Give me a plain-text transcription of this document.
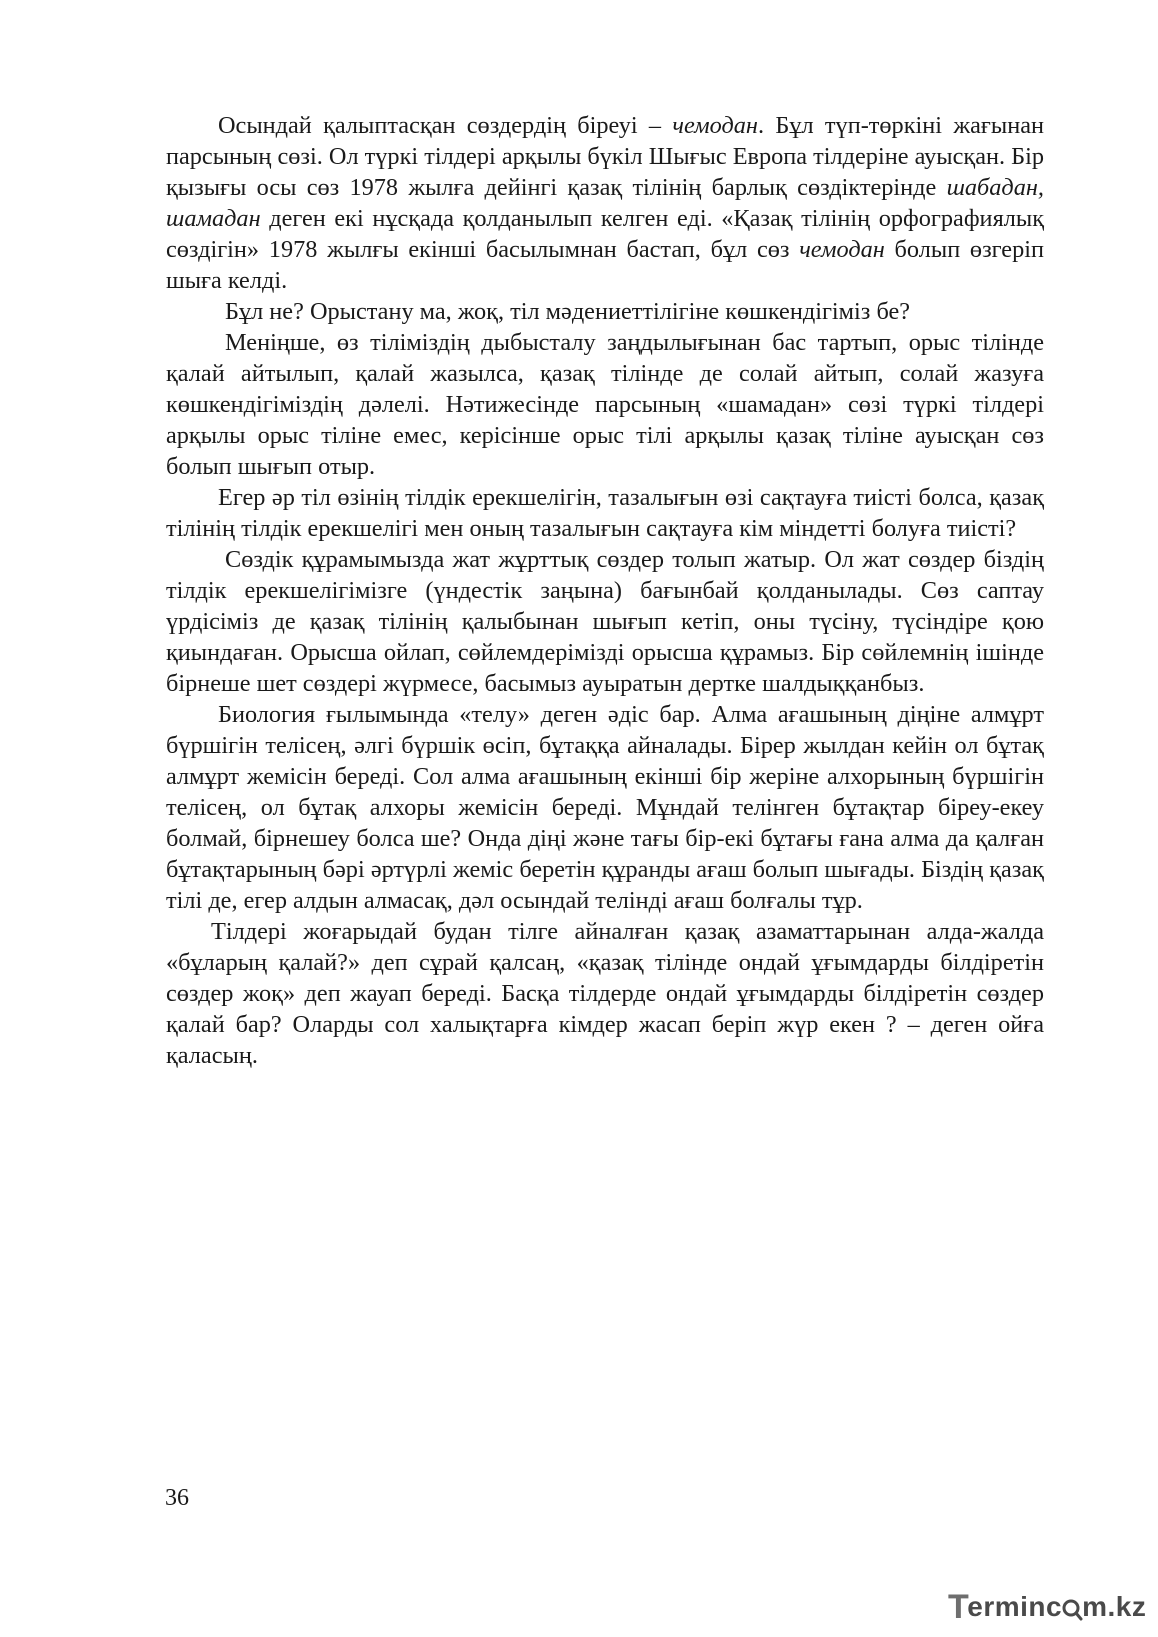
Осындай қалыптасқан сөздердің біреуі – чемодан. Бұл түп-төркіні жағынан парсының сөзі. Ол түркі тілдері арқылы бүкіл Шығыс Европа тілдеріне ауысқан. Бір қызығы осы сөз 1978 жылға дейінгі қазақ тілінің барлық сөздіктерінде шабадан, шамадан деген екі нұсқада қолданылып келген еді. «Қазақ тілінің орфографиялық сөздігін» 1978 жылғы екінші басылымнан бастап, бұл сөз чемодан болып өзгеріп шыға келді.

Бұл не? Орыстану ма, жоқ, тіл мәдениеттілігіне көшкендігіміз бе?

Меніңше, өз тіліміздің дыбысталу заңдылығынан бас тартып, орыс тілінде қалай айтылып, қалай жазылса, қазақ тілінде де солай айтып, солай жазуға көшкендігіміздің дәлелі. Нәтижесінде парсының «шамадан» сөзі түркі тілдері арқылы орыс тіліне емес, керісінше орыс тілі арқылы қазақ тіліне ауысқан сөз болып шығып отыр.

Егер әр тіл өзінің тілдік ерекшелігін, тазалығын өзі сақтауға тиісті болса, қазақ тілінің тілдік ерекшелігі мен оның тазалығын сақтауға кім міндетті болуға тиісті?

Сөздік құрамымызда жат жұрттық сөздер толып жатыр. Ол жат сөздер біздің тілдік ерекшелігімізге (үндестік заңына) бағынбай қолданылады. Сөз саптау үрдісіміз де қазақ тілінің қалыбынан шығып кетіп, оны түсіну, түсіндіре қою қиындаған. Орысша ойлап, сөйлемдерімізді орысша құрамыз. Бір сөйлемнің ішінде бірнеше шет сөздері жүрмесе, басымыз ауыратын дертке шалдыққанбыз.

Биология ғылымында «телу» деген әдіс бар. Алма ағашының діңіне алмұрт бүршігін телісең, әлгі бүршік өсіп, бұтаққа айналады. Бірер жылдан кейін ол бұтақ алмұрт жемісін береді. Сол алма ағашының екінші бір жеріне алхорының бүршігін телісең, ол бұтақ алхоры жемісін береді. Мұндай телінген бұтақтар біреу-екеу болмай, бірнешеу болса ше? Онда діңі және тағы бір-екі бұтағы ғана алма да қалған бұтақтарының бәрі әртүрлі жеміс беретін құранды ағаш болып шығады. Біздің қазақ тілі де, егер алдын алмасақ, дәл осындай телінді ағаш болғалы тұр.

Тілдері жоғарыдай будан тілге айналған қазақ азаматтарынан алда-жалда «бұларың қалай?» деп сұрай қалсаң, «қазақ тілінде ондай ұғымдарды білдіретін сөздер жоқ» деп жауап береді. Басқа тілдерде ондай ұғымдарды білдіретін сөздер қалай бар? Оларды сол халықтарға кімдер жасап беріп жүр екен ? – деген ойға қаласың.

36
Terminc m.kz
